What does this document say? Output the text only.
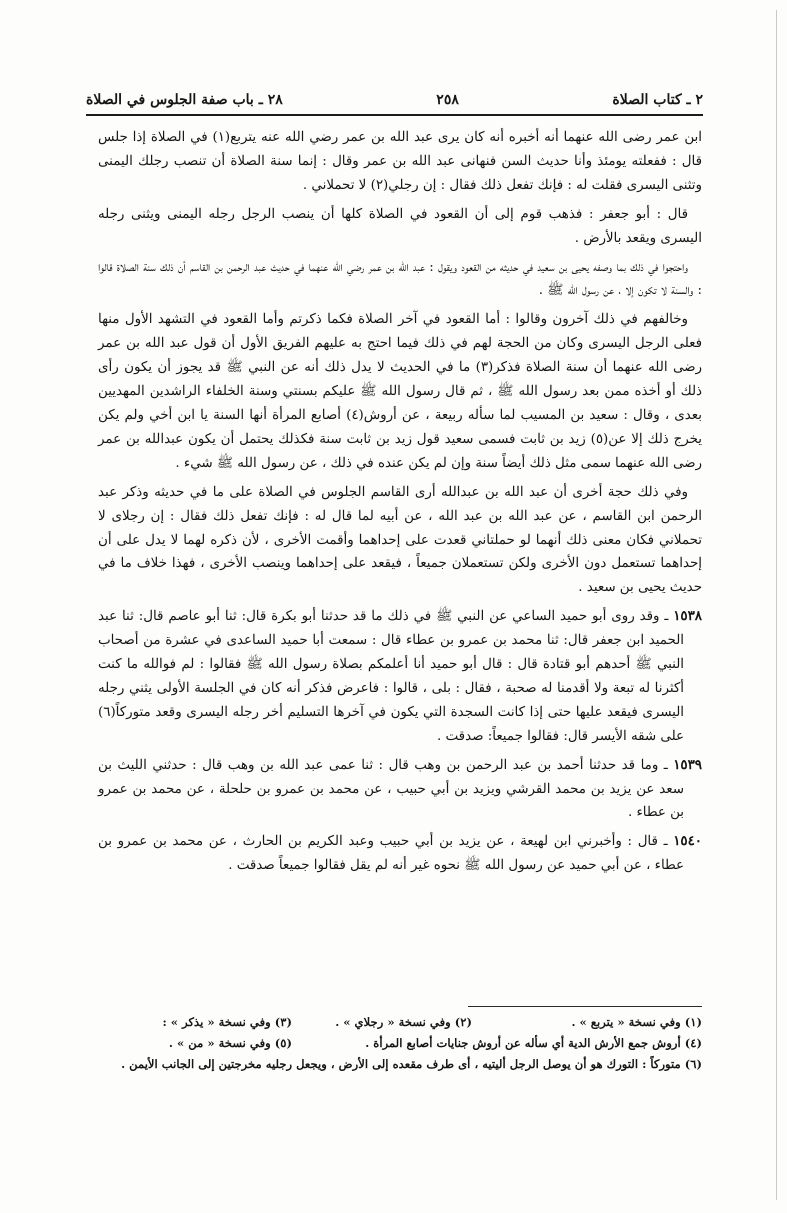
٢ ـ كتاب الصلاة
٢٥٨
٢٨ ـ باب صفة الجلوس في الصلاة

ابن عمر رضى الله عنهما أنه أخبره أنه كان يرى عبد الله بن عمر رضي الله عنه يتربع(١) في الصلاة إذا جلس قال : ففعلته يومئذ وأنا حديث السن فنهانى عبد الله بن عمر وقال : إنما سنة الصلاة أن تنصب رجلك اليمنى وتثنى اليسرى فقلت له : فإنك تفعل ذلك فقال : إن رجلي(٢) لا تحملاني .

قال : أبو جعفر : فذهب قوم إلى أن القعود في الصلاة كلها أن ينصب الرجل رجله اليمنى ويثنى رجله اليسرى ويقعد بالأرض .

واحتجوا في ذلك بما وصفه يحيى بن سعيد في حديثه من القعود ويقول : عبد الله بن عمر رضي الله عنهما في حديث عبد الرحمن بن القاسم أن ذلك سنة الصلاة قالوا : والسنة لا تكون إلا ، عن رسول الله ﷺ .

وخالفهم في ذلك آخرون وقالوا : أما القعود في آخر الصلاة فكما ذكرتم وأما القعود في التشهد الأول منها فعلى الرجل اليسرى وكان من الحجة لهم في ذلك فيما احتج به عليهم الفريق الأول أن قول عبد الله بن عمر رضى الله عنهما أن سنة الصلاة فذكر(٣) ما في الحديث لا يدل ذلك أنه عن النبي ﷺ قد يجوز أن يكون رأى ذلك أو أخذه ممن بعد رسول الله ﷺ ، ثم قال رسول الله ﷺ عليكم بسنتي وسنة الخلفاء الراشدين المهديين بعدى ، وقال : سعيد بن المسيب لما سأله ربيعة ، عن أروش(٤) أصابع المرأة أنها السنة يا ابن أخي ولم يكن يخرج ذلك إلا عن(٥) زيد بن ثابت فسمى سعيد قول زيد بن ثابت سنة فكذلك يحتمل أن يكون عبدالله بن عمر رضى الله عنهما سمى مثل ذلك أيضاً سنة وإن لم يكن عنده في ذلك ، عن رسول الله ﷺ شيء .

وفي ذلك حجة أخرى أن عبد الله بن عبدالله أرى القاسم الجلوس في الصلاة على ما في حديثه وذكر عبد الرحمن ابن القاسم ، عن عبد الله بن عبد الله ، عن أبيه لما قال له : فإنك تفعل ذلك فقال : إن رجلاى لا تحملاني فكان معنى ذلك أنهما لو حملتاني قعدت على إحداهما وأقمت الأخرى ، لأن ذكره لهما لا يدل على أن إحداهما تستعمل دون الأخرى ولكن تستعملان جميعاً ، فيقعد على إحداهما وينصب الأخرى ، فهذا خلاف ما في حديث يحيى بن سعيد .

١٥٣٨ ـ وقد روى أبو حميد الساعي عن النبي ﷺ في ذلك ما قد حدثنا أبو بكرة قال: ثنا أبو عاصم قال: ثنا عبد الحميد ابن جعفر قال: ثنا محمد بن عمرو بن عطاء قال : سمعت أبا حميد الساعدى في عشرة من أصحاب النبي ﷺ أحدهم أبو قتادة قال : قال أبو حميد أنا أعلمكم بصلاة رسول الله ﷺ فقالوا : لم فوالله ما كنت أكثرنا له تبعة ولا أقدمنا له صحبة ، فقال : بلى ، قالوا : فاعرض فذكر أنه كان في الجلسة الأولى يثني رجله اليسرى فيقعد عليها حتى إذا كانت السجدة التي يكون في آخرها التسليم أخر رجله اليسرى وقعد متوركاً(٦) على شقه الأيسر قال: فقالوا جميعاً: صدقت .

١٥٣٩ ـ وما قد حدثنا أحمد بن عبد الرحمن بن وهب قال : ثنا عمى عبد الله بن وهب قال : حدثني الليث بن سعد عن يزيد بن محمد القرشي ويزيد بن أبي حبيب ، عن محمد بن عمرو بن حلحلة ، عن محمد بن عمرو بن عطاء .

١٥٤٠ ـ قال : وأخبرني ابن لهيعة ، عن يزيد بن أبي حبيب وعبد الكريم بن الحارث ، عن محمد بن عمرو بن عطاء ، عن أبي حميد عن رسول الله ﷺ نحوه غير أنه لم يقل فقالوا جميعاً صدقت .

(١) وفي نسخة « يتربع » .
(٢) وفي نسخة « رجلاي » .
(٣) وفي نسخة « يذكر » :
(٤) أروش جمع الأرش الدية أي سأله عن أروش جنايات أصابع المرأة .
(٥) وفي نسخة « من » .
(٦) متوركاً : التورك هو أن يوصل الرجل أليتيه ، أى طرف مقعده إلى الأرض ، ويجعل رجليه مخرجتين إلى الجانب الأيمن .
